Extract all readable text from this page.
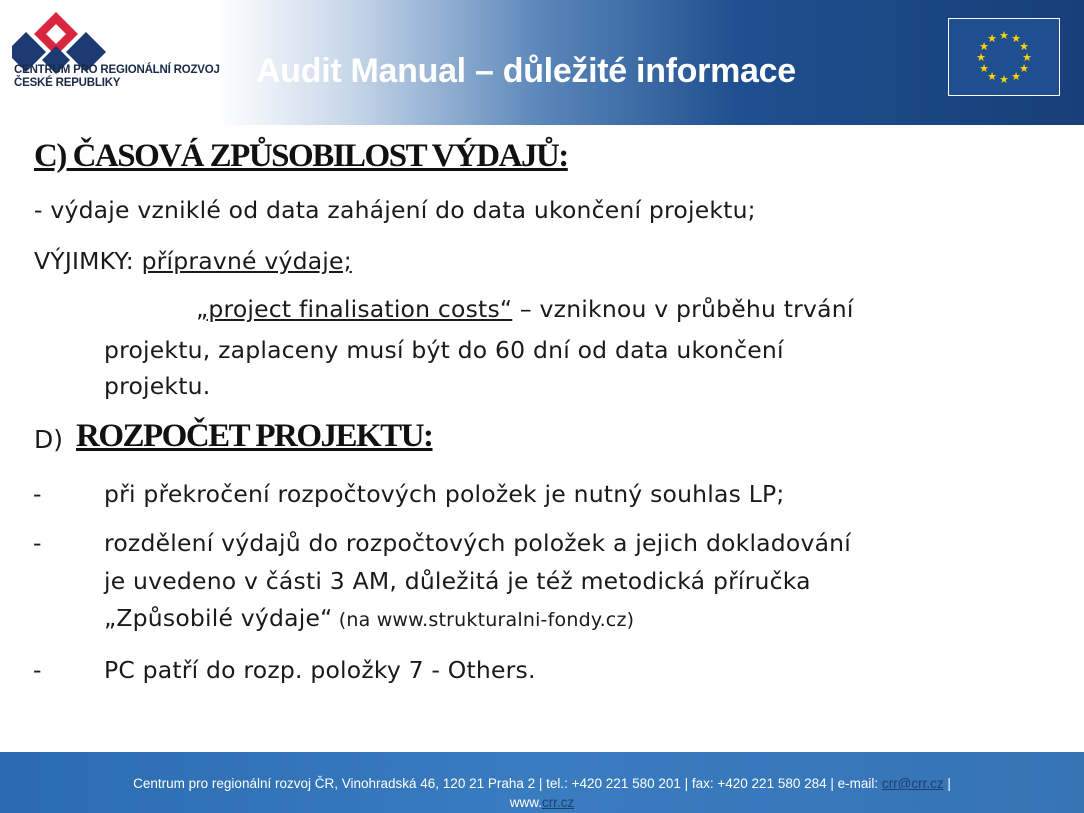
CENTRUM PRO REGIONÁLNÍ ROZVOJ
ČESKÉ REPUBLIKY	Audit Manual – důležité informace
★ ★
★
★
★
★
★
★
★
★
★
★
C) ČASOVÁ ZPŮSOBILOST VÝDAJŮ:
- výdaje vzniklé od data zahájení do data ukončení projektu;
VÝJIMKY: přípravné výdaje;
„project finalisation costs“ – vzniknou v průběhu trvání
projektu, zaplaceny musí být do 60 dní od data ukončení
projektu.
D) ROZPOČET PROJEKTU:
-	při překročení rozpočtových položek je nutný souhlas LP;
-	rozdělení výdajů do rozpočtových položek a jejich dokladování
je uvedeno v části 3 AM, důležitá je též metodická příručka
„Způsobilé výdaje“ (na www.strukturalni-fondy.cz)
-	PC patří do rozp. položky 7 - Others.
Centrum pro regionální rozvoj ČR, Vinohradská 46, 120 21 Praha 2 | tel.: +420 221 580 201 | fax: +420 221 580 284 | e-mail: crr@crr.cz |
www.crr.cz
